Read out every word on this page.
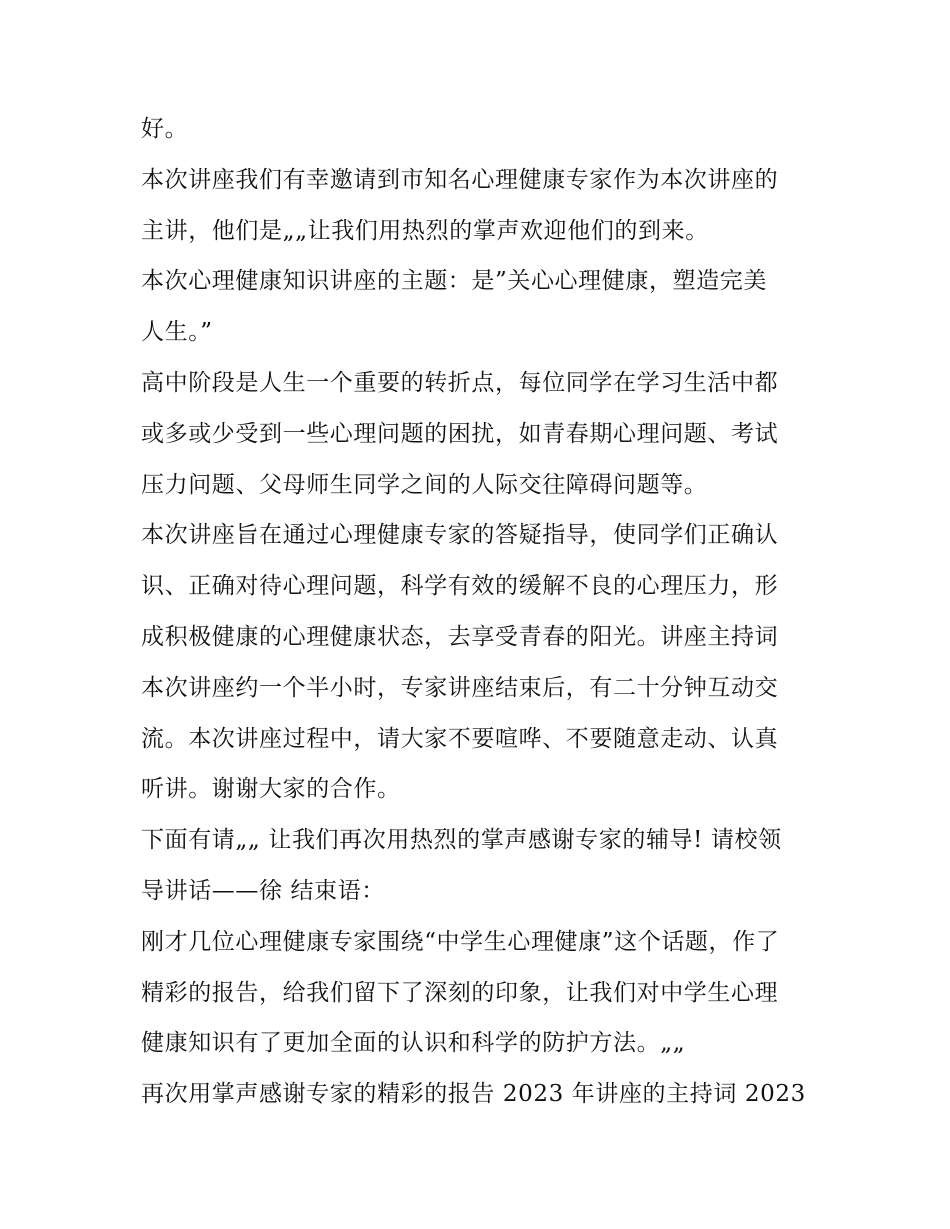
好。
本次讲座我们有幸邀请到市知名心理健康专家作为本次讲座的
主讲，他们是„„让我们用热烈的掌声欢迎他们的到来。
本次心理健康知识讲座的主题：是”关心心理健康，塑造完美
人生。”
高中阶段是人生一个重要的转折点，每位同学在学习生活中都
或多或少受到一些心理问题的困扰，如青春期心理问题、考试
压力问题、父母师生同学之间的人际交往障碍问题等。
本次讲座旨在通过心理健康专家的答疑指导，使同学们正确认
识、正确对待心理问题，科学有效的缓解不良的心理压力，形
成积极健康的心理健康状态，去享受青春的阳光。讲座主持词
本次讲座约一个半小时，专家讲座结束后，有二十分钟互动交
流。本次讲座过程中，请大家不要喧哗、不要随意走动、认真
听讲。谢谢大家的合作。
下面有请„„ 让我们再次用热烈的掌声感谢专家的辅导! 请校领
导讲话——徐 结束语：
刚才几位心理健康专家围绕“中学生心理健康”这个话题，作了
精彩的报告，给我们留下了深刻的印象，让我们对中学生心理
健康知识有了更加全面的认识和科学的防护方法。„„
再次用掌声感谢专家的精彩的报告 2023 年讲座的主持词 2023
